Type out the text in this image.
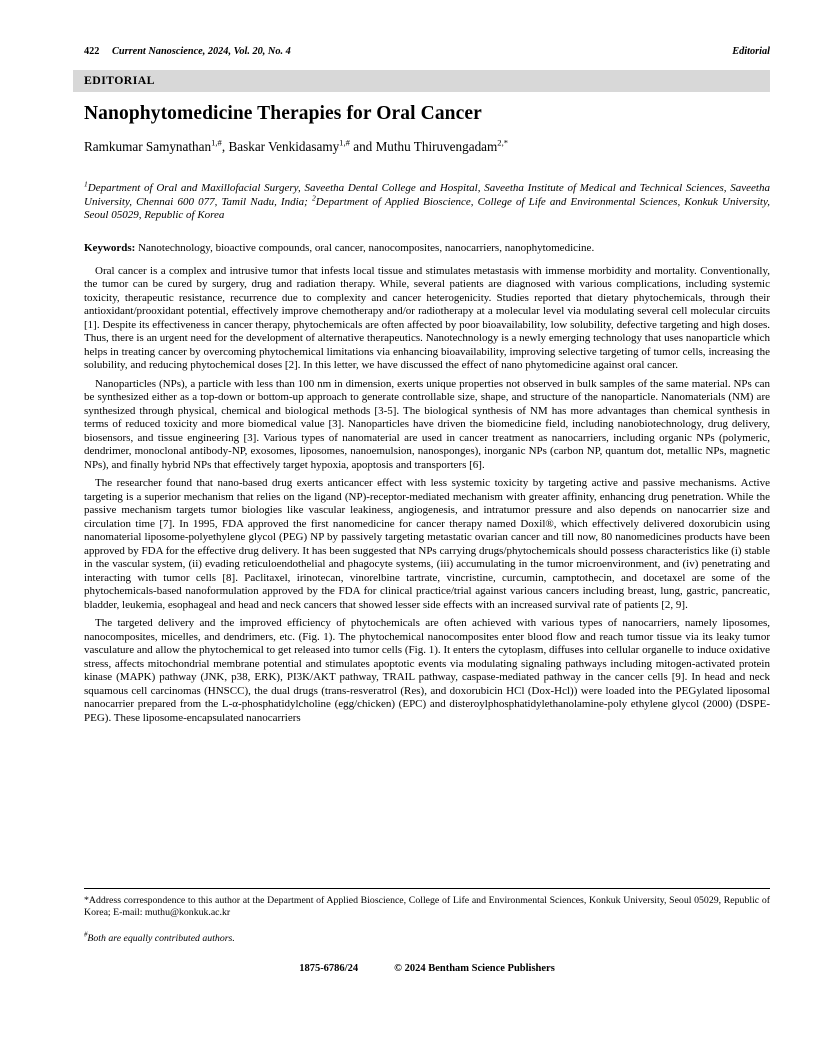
422 Current Nanoscience, 2024, Vol. 20, No. 4	Editorial
EDITORIAL
Nanophytomedicine Therapies for Oral Cancer
Ramkumar Samynathan$^{1,\#}$, Baskar Venkidasamy$^{1,\#}$ and Muthu Thiruvengadam$^{2,*}$

$^1$Department of Oral and Maxillofacial Surgery, Saveetha Dental College and Hospital, Saveetha Institute of Medical and Technical Sciences, Saveetha University, Chennai 600 077, Tamil Nadu, India; $^2$Department of Applied Bioscience, College of Life and Environmental Sciences, Konkuk University, Seoul 05029, Republic of Korea

Keywords: Nanotechnology, bioactive compounds, oral cancer, nanocomposites, nanocarriers, nanophytomedicine.

Oral cancer is a complex and intrusive tumor that infests local tissue and stimulates metastasis with immense morbidity and mortality. Conventionally, the tumor can be cured by surgery, drug and radiation therapy. While, several patients are diagnosed with various complications, including systemic toxicity, therapeutic resistance, recurrence due to complexity and cancer heterogenicity. Studies reported that dietary phytochemicals, through their antioxidant/prooxidant potential, effectively improve chemotherapy and/or radiotherapy at a molecular level via modulating several cell molecular circuits [1]. Despite its effectiveness in cancer therapy, phytochemicals are often affected by poor bioavailability, low solubility, defective targeting and high doses. Thus, there is an urgent need for the development of alternative therapeutics. Nanotechnology is a newly emerging technology that uses nanoparticle which helps in treating cancer by overcoming phytochemical limitations via enhancing bioavailability, improving selective targeting of tumor cells, increasing the solubility, and reducing phytochemical doses [2]. In this letter, we have discussed the effect of nano phytomedicine against oral cancer.

Nanoparticles (NPs), a particle with less than 100 nm in dimension, exerts unique properties not observed in bulk samples of the same material. NPs can be synthesized either as a top-down or bottom-up approach to generate controllable size, shape, and structure of the nanoparticle. Nanomaterials (NM) are synthesized through physical, chemical and biological methods [3-5]. The biological synthesis of NM has more advantages than chemical synthesis in terms of reduced toxicity and more biomedical value [3]. Nanoparticles have driven the biomedicine field, including nanobiotechnology, drug delivery, biosensors, and tissue engineering [3]. Various types of nanomaterial are used in cancer treatment as nanocarriers, including organic NPs (polymeric, dendrimer, monoclonal antibody-NP, exosomes, liposomes, nanoemulsion, nanosponges), inorganic NPs (carbon NP, quantum dot, metallic NPs, magnetic NPs), and finally hybrid NPs that effectively target hypoxia, apoptosis and transporters [6].

The researcher found that nano-based drug exerts anticancer effect with less systemic toxicity by targeting active and passive mechanisms. Active targeting is a superior mechanism that relies on the ligand (NP)-receptor-mediated mechanism with greater affinity, enhancing drug penetration. While the passive mechanism targets tumor biologies like vascular leakiness, angiogenesis, and intratumor pressure and also depends on nanocarrier size and circulation time [7]. In 1995, FDA approved the first nanomedicine for cancer therapy named Doxil®, which effectively delivered doxorubicin using nanomaterial liposome-polyethylene glycol (PEG) NP by passively targeting metastatic ovarian cancer and till now, 80 nanomedicines products have been approved by FDA for the effective drug delivery. It has been suggested that NPs carrying drugs/phytochemicals should possess characteristics like (i) stable in the vascular system, (ii) evading reticuloendothelial and phagocyte systems, (iii) accumulating in the tumor microenvironment, and (iv) penetrating and interacting with tumor cells [8]. Paclitaxel, irinotecan, vinorelbine tartrate, vincristine, curcumin, camptothecin, and docetaxel are some of the phytochemicals-based nanoformulation approved by the FDA for clinical practice/trial against various cancers including breast, lung, gastric, pancreatic, bladder, leukemia, esophageal and head and neck cancers that showed lesser side effects with an increased survival rate of patients [2, 9].

The targeted delivery and the improved efficiency of phytochemicals are often achieved with various types of nanocarriers, namely liposomes, nanocomposites, micelles, and dendrimers, etc. (Fig. 1). The phytochemical nanocomposites enter blood flow and reach tumor tissue via its leaky tumor vasculature and allow the phytochemical to get released into tumor cells (Fig. 1). It enters the cytoplasm, diffuses into cellular organelle to induce oxidative stress, affects mitochondrial membrane potential and stimulates apoptotic events via modulating signaling pathways including mitogen-activated protein kinase (MAPK) pathway (JNK, p38, ERK), PI3K/AKT pathway, TRAIL pathway, caspase-mediated pathway in the cancer cells [9]. In head and neck squamous cell carcinomas (HNSCC), the dual drugs (trans-resveratrol (Res), and doxorubicin HCl (Dox-Hcl)) were loaded into the PEGylated liposomal nanocarrier prepared from the L-α-phosphatidylcholine (egg/chicken) (EPC) and disteroylphosphatidylethanolamine-poly ethylene glycol (2000) (DSPE-PEG). These liposome-encapsulated nanocarriers

*Address correspondence to this author at the Department of Applied Bioscience, College of Life and Environmental Sciences, Konkuk University, Seoul 05029, Republic of Korea; E-mail: muthu@konkuk.ac.kr

#Both are equally contributed authors.

1875-6786/24	© 2024 Bentham Science Publishers
